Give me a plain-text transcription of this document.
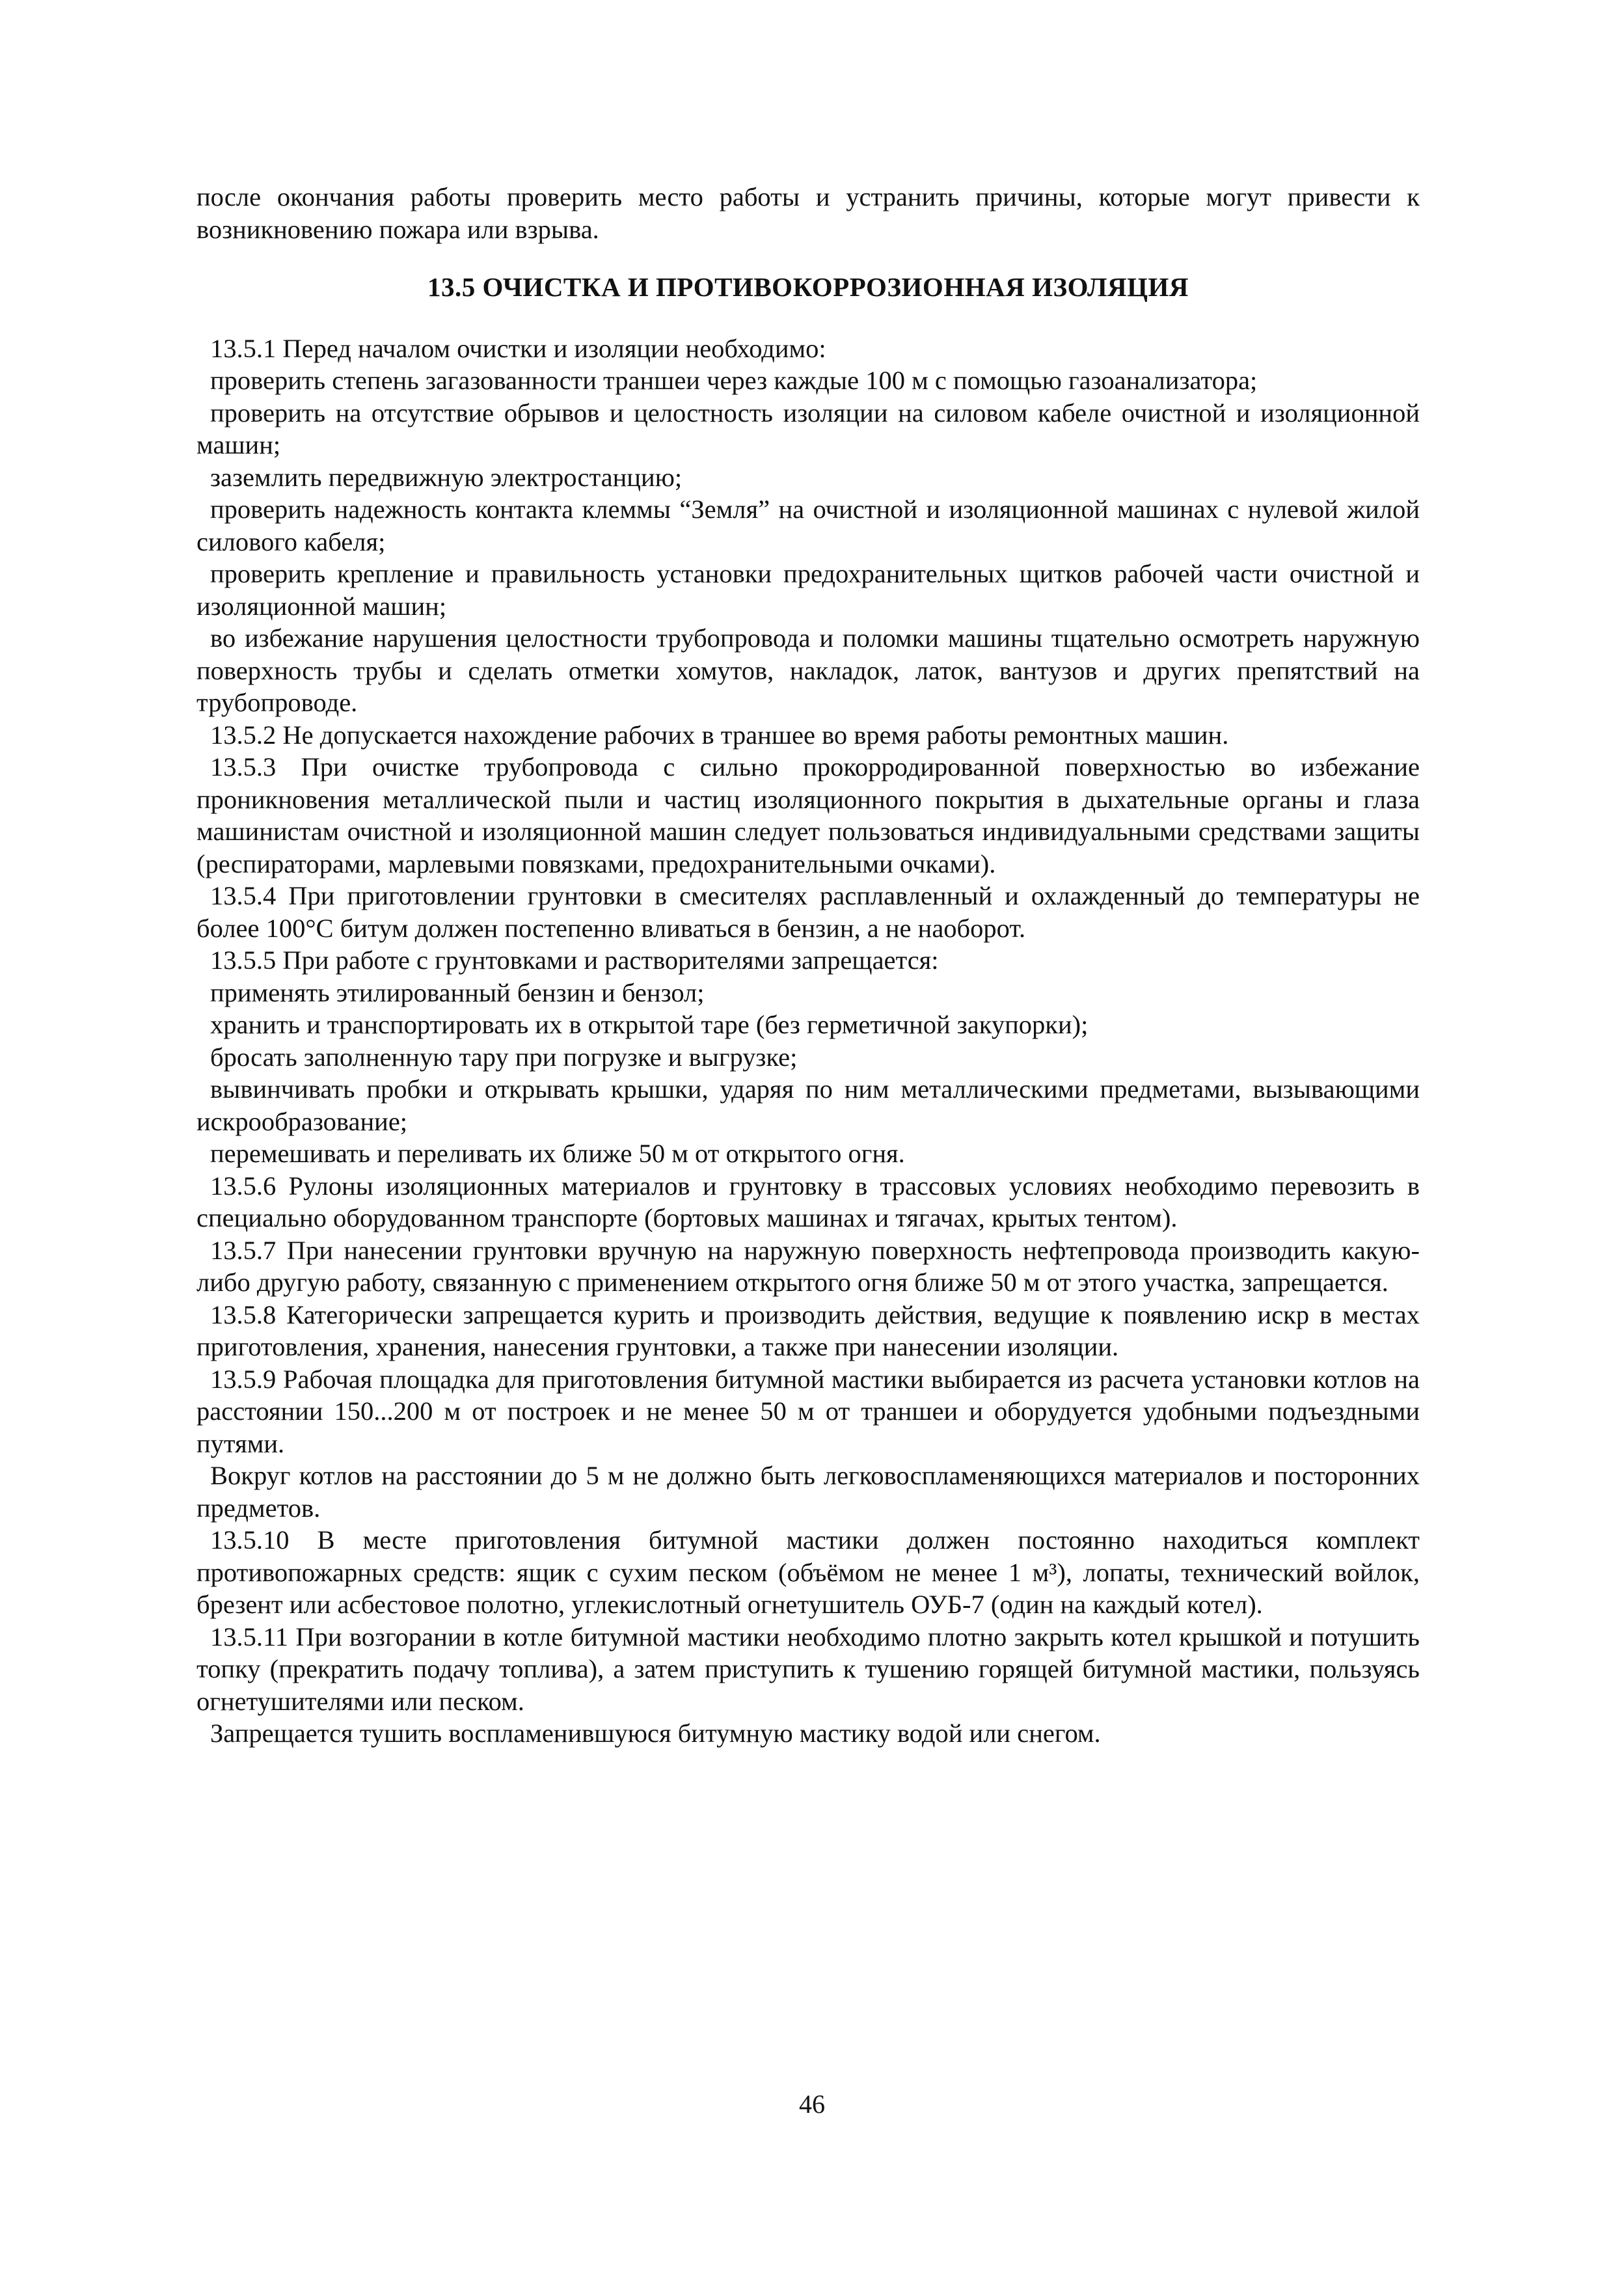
после окончания работы проверить место работы и устранить причины, которые могут привести к возникновению пожара или взрыва.

13.5 ОЧИСТКА И ПРОТИВОКОРРОЗИОННАЯ ИЗОЛЯЦИЯ

13.5.1 Перед началом очистки и изоляции необходимо:

проверить степень загазованности траншеи через каждые 100 м с помощью газоанализатора;

проверить на отсутствие обрывов и целостность изоляции на силовом кабеле очистной и изоляционной машин;

заземлить передвижную электростанцию;

проверить надежность контакта клеммы “Земля” на очистной и изоляционной машинах с нулевой жилой силового кабеля;

проверить крепление и правильность установки предохранительных щитков рабочей части очистной и изоляционной машин;

во избежание нарушения целостности трубопровода и поломки машины тщательно осмотреть наружную поверхность трубы и сделать отметки хомутов, накладок, латок, вантузов и других препятствий на трубопроводе.

13.5.2 Не допускается нахождение рабочих в траншее во время работы ремонтных машин.

13.5.3 При очистке трубопровода с сильно прокорродированной поверхностью во избежание проникновения металлической пыли и частиц изоляционного покрытия в дыхательные органы и глаза машинистам очистной и изоляционной машин следует пользоваться индивидуальными средствами защиты (респираторами, марлевыми повязками, предохранительными очками).

13.5.4 При приготовлении грунтовки в смесителях расплавленный и охлажденный до температуры не более 100°С битум должен постепенно вливаться в бензин, а не наоборот.

13.5.5 При работе с грунтовками и растворителями запрещается:

применять этилированный бензин и бензол;

хранить и транспортировать их в открытой таре (без герметичной закупорки);

бросать заполненную тару при погрузке и выгрузке;

вывинчивать пробки и открывать крышки, ударяя по ним металлическими предметами, вызывающими искрообразование;

перемешивать и переливать их ближе 50 м от открытого огня.

13.5.6 Рулоны изоляционных материалов и грунтовку в трассовых условиях необходимо перевозить в специально оборудованном транспорте (бортовых машинах и тягачах, крытых тентом).

13.5.7 При нанесении грунтовки вручную на наружную поверхность нефтепровода производить какую-либо другую работу, связанную с применением открытого огня ближе 50 м от этого участка, запрещается.

13.5.8 Категорически запрещается курить и производить действия, ведущие к появлению искр в местах приготовления, хранения, нанесения грунтовки, а также при нанесении изоляции.

13.5.9 Рабочая площадка для приготовления битумной мастики выбирается из расчета установки котлов на расстоянии 150...200 м от построек и не менее 50 м от траншеи и оборудуется удобными подъездными путями.

Вокруг котлов на расстоянии до 5 м не должно быть легковоспламеняющихся материалов и посторонних предметов.

13.5.10 В месте приготовления битумной мастики должен постоянно находиться комплект противопожарных средств: ящик с сухим песком (объёмом не менее 1 м³), лопаты, технический войлок, брезент или асбестовое полотно, углекислотный огнетушитель ОУБ-7 (один на каждый котел).

13.5.11 При возгорании в котле битумной мастики необходимо плотно закрыть котел крышкой и потушить топку (прекратить подачу топлива), а затем приступить к тушению горящей битумной мастики, пользуясь огнетушителями или песком.

Запрещается тушить воспламенившуюся битумную мастику водой или снегом.

46
